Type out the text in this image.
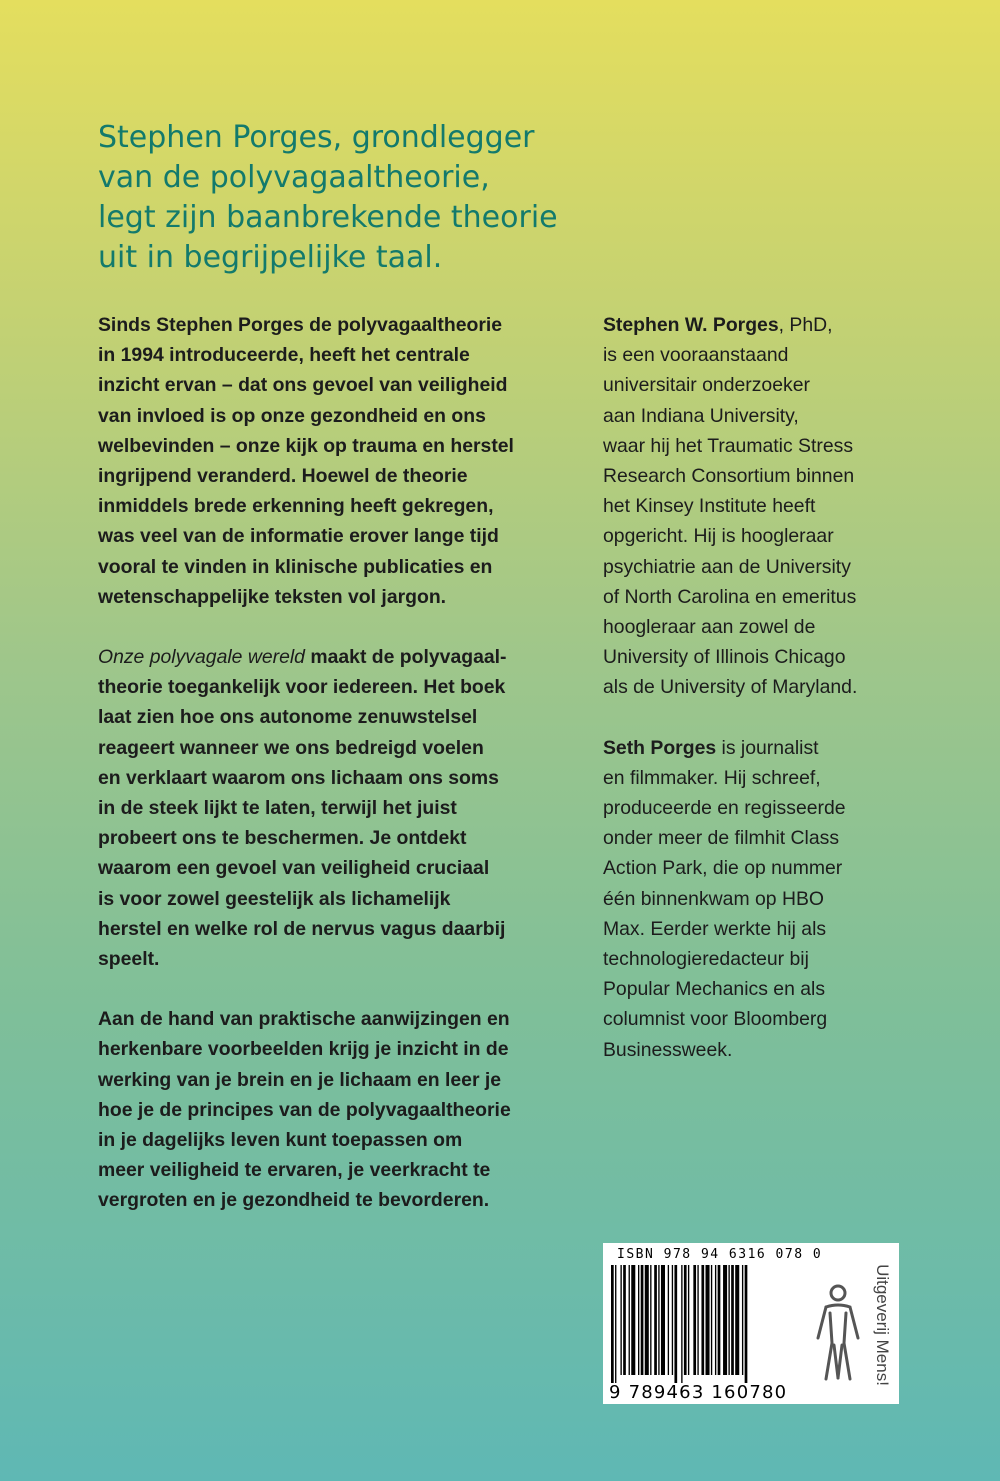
Stephen Porges, grondlegger
van de polyvagaaltheorie,
legt zijn baanbrekende theorie
uit in begrijpelijke taal.

Sinds Stephen Porges de polyvagaaltheorie
in 1994 introduceerde, heeft het centrale
inzicht ervan – dat ons gevoel van veiligheid
van invloed is op onze gezondheid en ons
welbevinden – onze kijk op trauma en herstel
ingrijpend veranderd. Hoewel de theorie
inmiddels brede erkenning heeft gekregen,
was veel van de informatie erover lange tijd
vooral te vinden in klinische publicaties en
wetenschappelijke teksten vol jargon.

Onze polyvagale wereld maakt de polyvagaal-
theorie toegankelijk voor iedereen. Het boek
laat zien hoe ons autonome zenuwstelsel
reageert wanneer we ons bedreigd voelen
en verklaart waarom ons lichaam ons soms
in de steek lijkt te laten, terwijl het juist
probeert ons te beschermen. Je ontdekt
waarom een gevoel van veiligheid cruciaal
is voor zowel geestelijk als lichamelijk
herstel en welke rol de nervus vagus daarbij
speelt.

Aan de hand van praktische aanwijzingen en
herkenbare voorbeelden krijg je inzicht in de
werking van je brein en je lichaam en leer je
hoe je de principes van de polyvagaaltheorie
in je dagelijks leven kunt toepassen om
meer veiligheid te ervaren, je veerkracht te
vergroten en je gezondheid te bevorderen.

Stephen W. Porges, PhD,
is een vooraanstaand
universitair onderzoeker
aan Indiana University,
waar hij het Traumatic Stress
Research Consortium binnen
het Kinsey Institute heeft
opgericht. Hij is hoogleraar
psychiatrie aan de University
of North Carolina en emeritus
hoogleraar aan zowel de
University of Illinois Chicago
als de University of Maryland.

Seth Porges is journalist
en filmmaker. Hij schreef,
produceerde en regisseerde
onder meer de filmhit Class
Action Park, die op nummer
één binnenkwam op HBO
Max. Eerder werkte hij als
technologieredacteur bij
Popular Mechanics en als
columnist voor Bloomberg
Businessweek.

ISBN 978 94 6316 078 0
9 789463 160780
Uitgeverij Mens!
